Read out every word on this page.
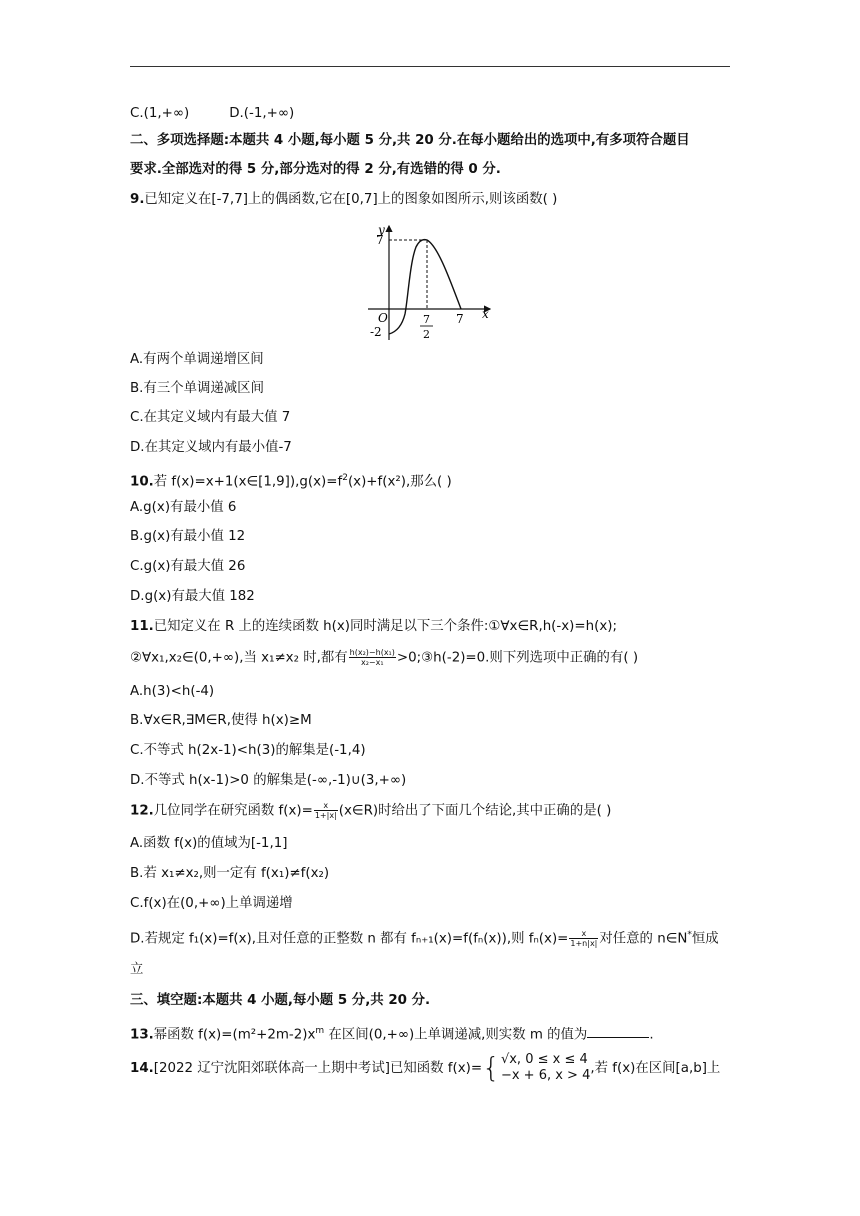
C.(1,+∞)	D.(-1,+∞)
二、多项选择题:本题共 4 小题,每小题 5 分,共 20 分.在每小题给出的选项中,有多项符合题目
要求.全部选对的得 5 分,部分选对的得 2 分,有选错的得 0 分.
9.已知定义在[-7,7]上的偶函数,它在[0,7]上的图象如图所示,则该函数( )
y
x
7
O
-2
7
2
7
A.有两个单调递增区间
B.有三个单调递减区间
C.在其定义域内有最大值 7
D.在其定义域内有最小值-7
10.若 $f(x)=x+1(x\in[1,9]),g(x)=f^2(x)+f(x^2)$,那么( )
A.g(x)有最小值 6
B.g(x)有最小值 12
C.g(x)有最大值 26
D.g(x)有最大值 182
11.已知定义在 R 上的连续函数 h(x)同时满足以下三个条件:①∀x∈R,h(-x)=h(x);
②∀x₁,x₂∈(0,+∞),当 x₁≠x₂ 时,都有 $\frac{\text{h(x₂)−h(x₁)}}{\text{x₂−x₁}}$ >0;③h(-2)=0.则下列选项中正确的有( )
A.h(3)<h(-4)
B.∀x∈R,∃M∈R,使得 h(x)≥M
C.不等式 h(2x-1)<h(3)的解集是(-1,4)
D.不等式 h(x-1)>0 的解集是(-∞,-1)∪(3,+∞)
12.几位同学在研究函数 $f(x)= \frac{x}{1+|x|}$ (x∈R)时给出了下面几个结论,其中正确的是( )
A.函数 f(x)的值域为[-1,1]
B.若 x₁≠x₂,则一定有 f(x₁)≠f(x₂)
C.f(x)在(0,+∞)上单调递增
D.若规定 f₁(x)=f(x),且对任意的正整数 n 都有 fₙ₊₁(x)=f(fₙ(x)),则 $f_n(x)= \frac{x}{1+n|x|}$ 对任意的 n∈N*恒成
立
三、填空题:本题共 4 小题,每小题 5 分,共 20 分.
13.幂函数 $f(x)=(m^2+2m-2)x^m$ 在区间(0,+∞)上单调递减,则实数 m 的值为	.
14.[2022 辽宁沈阳郊联体高一上期中考试]已知函数 f(x)={ √x, 0 ≤ x ≤ 4
−x + 6, x > 4 ,若 f(x)在区间[a,b]上
